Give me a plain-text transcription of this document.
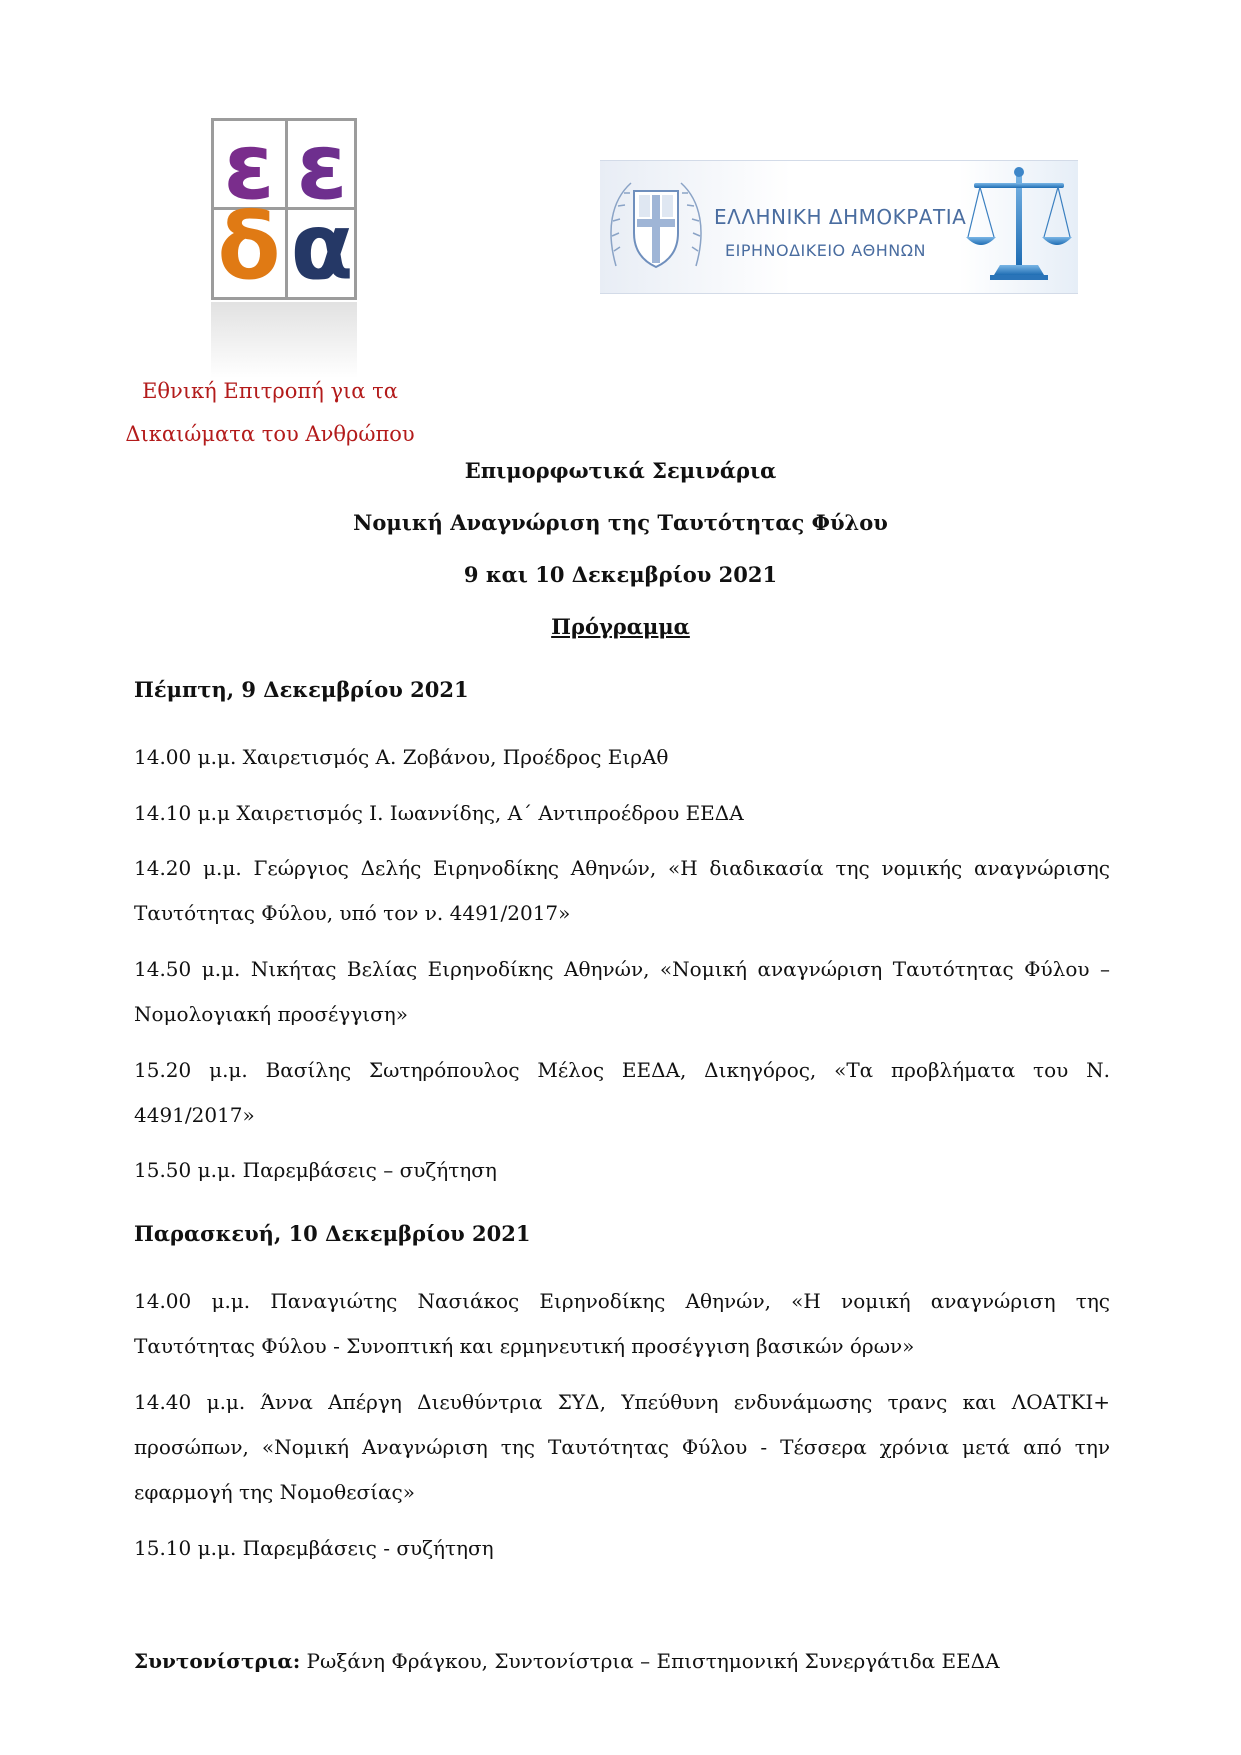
ε ε
δ α
Εθνική Επιτροπή για τα
Δικαιώματα του Ανθρώπου
ΕΛΛΗΝΙΚΗ ΔΗΜΟΚΡΑΤΙΑ
ΕΙΡΗΝΟΔΙΚΕΙΟ ΑΘΗΝΩΝ
Επιμορφωτικά Σεμινάρια
Νομική Αναγνώριση της Ταυτότητας Φύλου
9 και 10 Δεκεμβρίου 2021
Πρόγραμμα
Πέμπτη, 9 Δεκεμβρίου 2021
14.00 μ.μ. Χαιρετισμός Α. Ζοβάνου, Προέδρος ΕιρΑθ
14.10 μ.μ Χαιρετισμός Ι. Ιωαννίδης, Α΄ Αντιπροέδρου ΕΕΔΑ
14.20 μ.μ. Γεώργιος Δελής Ειρηνοδίκης Αθηνών, «Η διαδικασία της νομικής αναγνώρισης Ταυτότητας Φύλου, υπό τον ν. 4491/2017»
14.50 μ.μ. Νικήτας Βελίας Ειρηνοδίκης Αθηνών, «Νομική αναγνώριση Ταυτότητας Φύλου – Νομολογιακή προσέγγιση»
15.20 μ.μ. Βασίλης Σωτηρόπουλος Μέλος ΕΕΔΑ, Δικηγόρος, «Τα προβλήματα του Ν. 4491/2017»
15.50 μ.μ. Παρεμβάσεις – συζήτηση
Παρασκευή, 10 Δεκεμβρίου 2021
14.00 μ.μ. Παναγιώτης Νασιάκος Ειρηνοδίκης Αθηνών, «Η νομική αναγνώριση της Ταυτότητας Φύλου - Συνοπτική και ερμηνευτική προσέγγιση βασικών όρων»
14.40 μ.μ. Άννα Απέργη Διευθύντρια ΣΥΔ, Υπεύθυνη ενδυνάμωσης τρανς και ΛΟΑΤΚΙ+ προσώπων, «Νομική Αναγνώριση της Ταυτότητας Φύλου - Τέσσερα χρόνια μετά από την εφαρμογή της Νομοθεσίας»
15.10 μ.μ. Παρεμβάσεις - συζήτηση
Συντονίστρια: Ρωξάνη Φράγκου, Συντονίστρια – Επιστημονική Συνεργάτιδα ΕΕΔΑ
